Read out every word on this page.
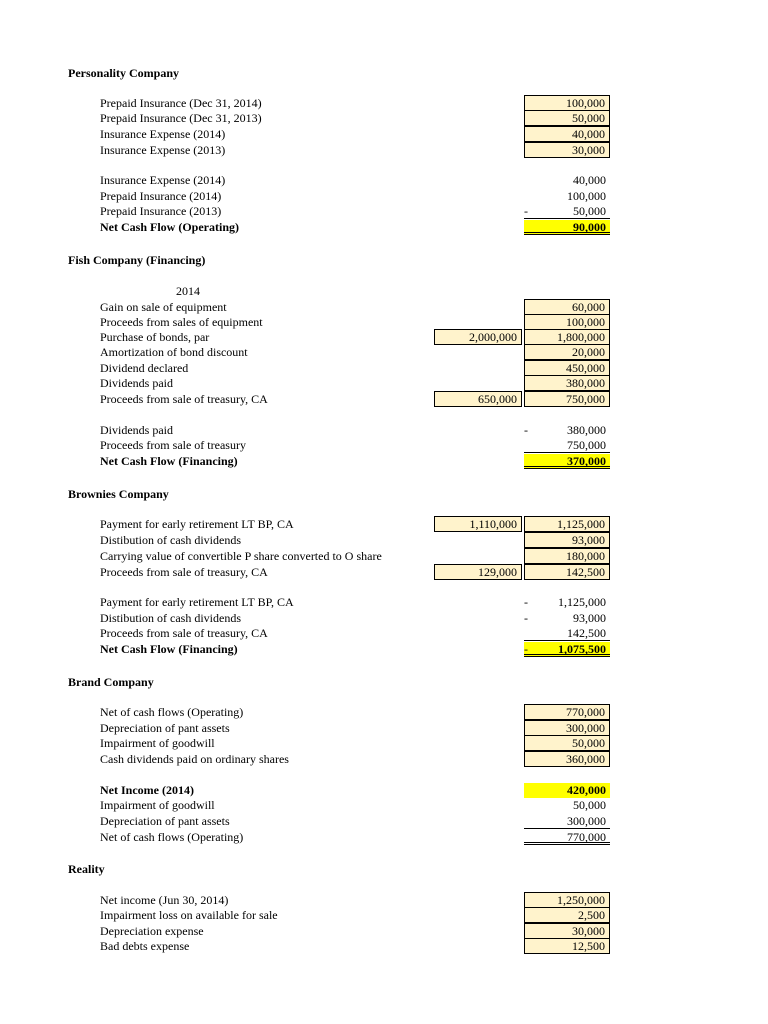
Personality Company
Prepaid Insurance (Dec 31, 2014)	100,000
Prepaid Insurance (Dec 31, 2013)	50,000
Insurance Expense (2014)	40,000
Insurance Expense (2013)	30,000
Insurance Expense (2014)	40,000
Prepaid Insurance (2014)	100,000
Prepaid Insurance (2013)	-	50,000
Net Cash Flow (Operating)	90,000
Fish Company (Financing)
2014
Gain on sale of equipment	60,000
Proceeds from sales of equipment	100,000
Purchase of bonds, par	2,000,000	1,800,000
Amortization of bond discount	20,000
Dividend declared	450,000
Dividends paid	380,000
Proceeds from sale of treasury, CA	650,000	750,000
Dividends paid	-	380,000
Proceeds from sale of treasury	750,000
Net Cash Flow (Financing)	370,000
Brownies Company
Payment for early retirement LT BP, CA	1,110,000	1,125,000
Distibution of cash dividends	93,000
Carrying value of convertible P share converted to O share	180,000
Proceeds from sale of treasury, CA	129,000	142,500
Payment for early retirement LT BP, CA	-	1,125,000
Distibution of cash dividends	-	93,000
Proceeds from sale of treasury, CA	142,500
Net Cash Flow (Financing)	1,075,500
-
Brand Company
Net of cash flows (Operating)	770,000
Depreciation of pant assets	300,000
Impairment of goodwill	50,000
Cash dividends paid on ordinary shares	360,000
Net Income (2014)	420,000
Impairment of goodwill	50,000
Depreciation of pant assets	300,000
Net of cash flows (Operating)	770,000
Reality
Net income (Jun 30, 2014)	1,250,000
Impairment loss on available for sale	2,500
Depreciation expense	30,000
Bad debts expense	12,500
